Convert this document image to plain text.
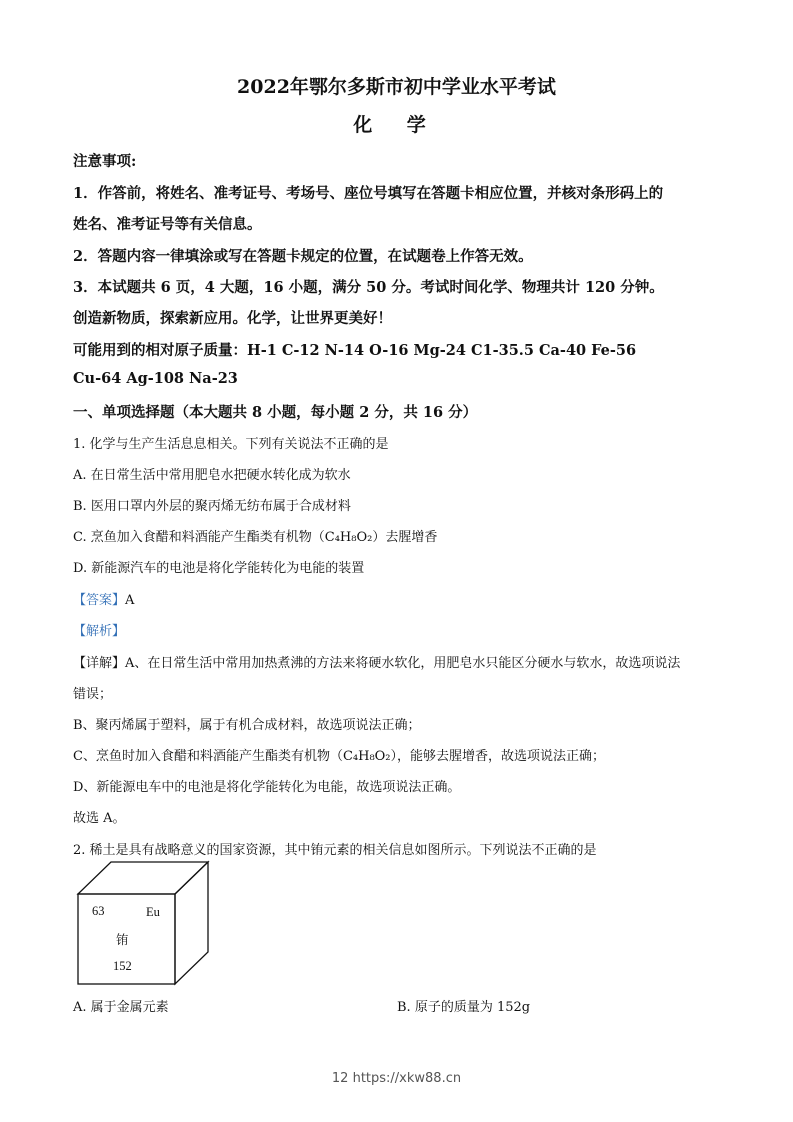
2022年鄂尔多斯市初中学业水平考试
化 学
注意事项:
1．作答前，将姓名、准考证号、考场号、座位号填写在答题卡相应位置，并核对条形码上的
姓名、准考证号等有关信息。
2．答题内容一律填涂或写在答题卡规定的位置，在试题卷上作答无效。
3．本试题共 6 页，4 大题，16 小题，满分 50 分。考试时间化学、物理共计 120 分钟。
创造新物质，探索新应用。化学，让世界更美好！
可能用到的相对原子质量：H-1 C-12 N-14 O-16 Mg-24 C1-35.5 Ca-40 Fe-56
Cu-64 Ag-108 Na-23
一、单项选择题（本大题共 8 小题，每小题 2 分，共 16 分）
1. 化学与生产生活息息相关。下列有关说法不正确的是
A. 在日常生活中常用肥皂水把硬水转化成为软水
B. 医用口罩内外层的聚丙烯无纺布属于合成材料
C. 烹鱼加入食醋和料酒能产生酯类有机物（C₄H₈O₂）去腥增香
D. 新能源汽车的电池是将化学能转化为电能的装置
【答案】A
【解析】
【详解】A、在日常生活中常用加热煮沸的方法来将硬水软化，用肥皂水只能区分硬水与软水，故选项说法
错误；
B、聚丙烯属于塑料，属于有机合成材料，故选项说法正确；
C、烹鱼时加入食醋和料酒能产生酯类有机物（C₄H₈O₂），能够去腥增香，故选项说法正确；
D、新能源电车中的电池是将化学能转化为电能，故选项说法正确。
故选 A。
2. 稀土是具有战略意义的国家资源，其中铕元素的相关信息如图所示。下列说法不正确的是
63	Eu
铕
152
A. 属于金属元素	B. 原子的质量为 152g
12 https://xkw88.cn
